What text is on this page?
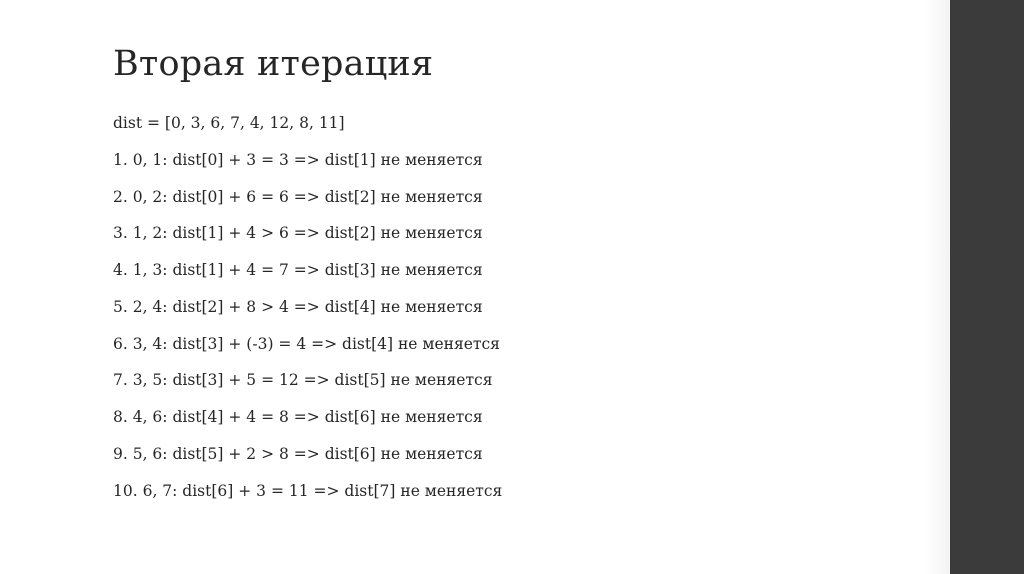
Вторая итерация
dist = [0, 3, 6, 7, 4, 12, 8, 11]
1. 0, 1: dist[0] + 3 = 3 => dist[1] не меняется
2. 0, 2: dist[0] + 6 = 6 => dist[2] не меняется
3. 1, 2: dist[1] + 4 > 6 => dist[2] не меняется
4. 1, 3: dist[1] + 4 = 7 => dist[3] не меняется
5. 2, 4: dist[2] + 8 > 4 => dist[4] не меняется
6. 3, 4: dist[3] + (-3) = 4 => dist[4] не меняется
7. 3, 5: dist[3] + 5 = 12 => dist[5] не меняется
8. 4, 6: dist[4] + 4 = 8 => dist[6] не меняется
9. 5, 6: dist[5] + 2 > 8 => dist[6] не меняется
10. 6, 7: dist[6] + 3 = 11 => dist[7] не меняется
